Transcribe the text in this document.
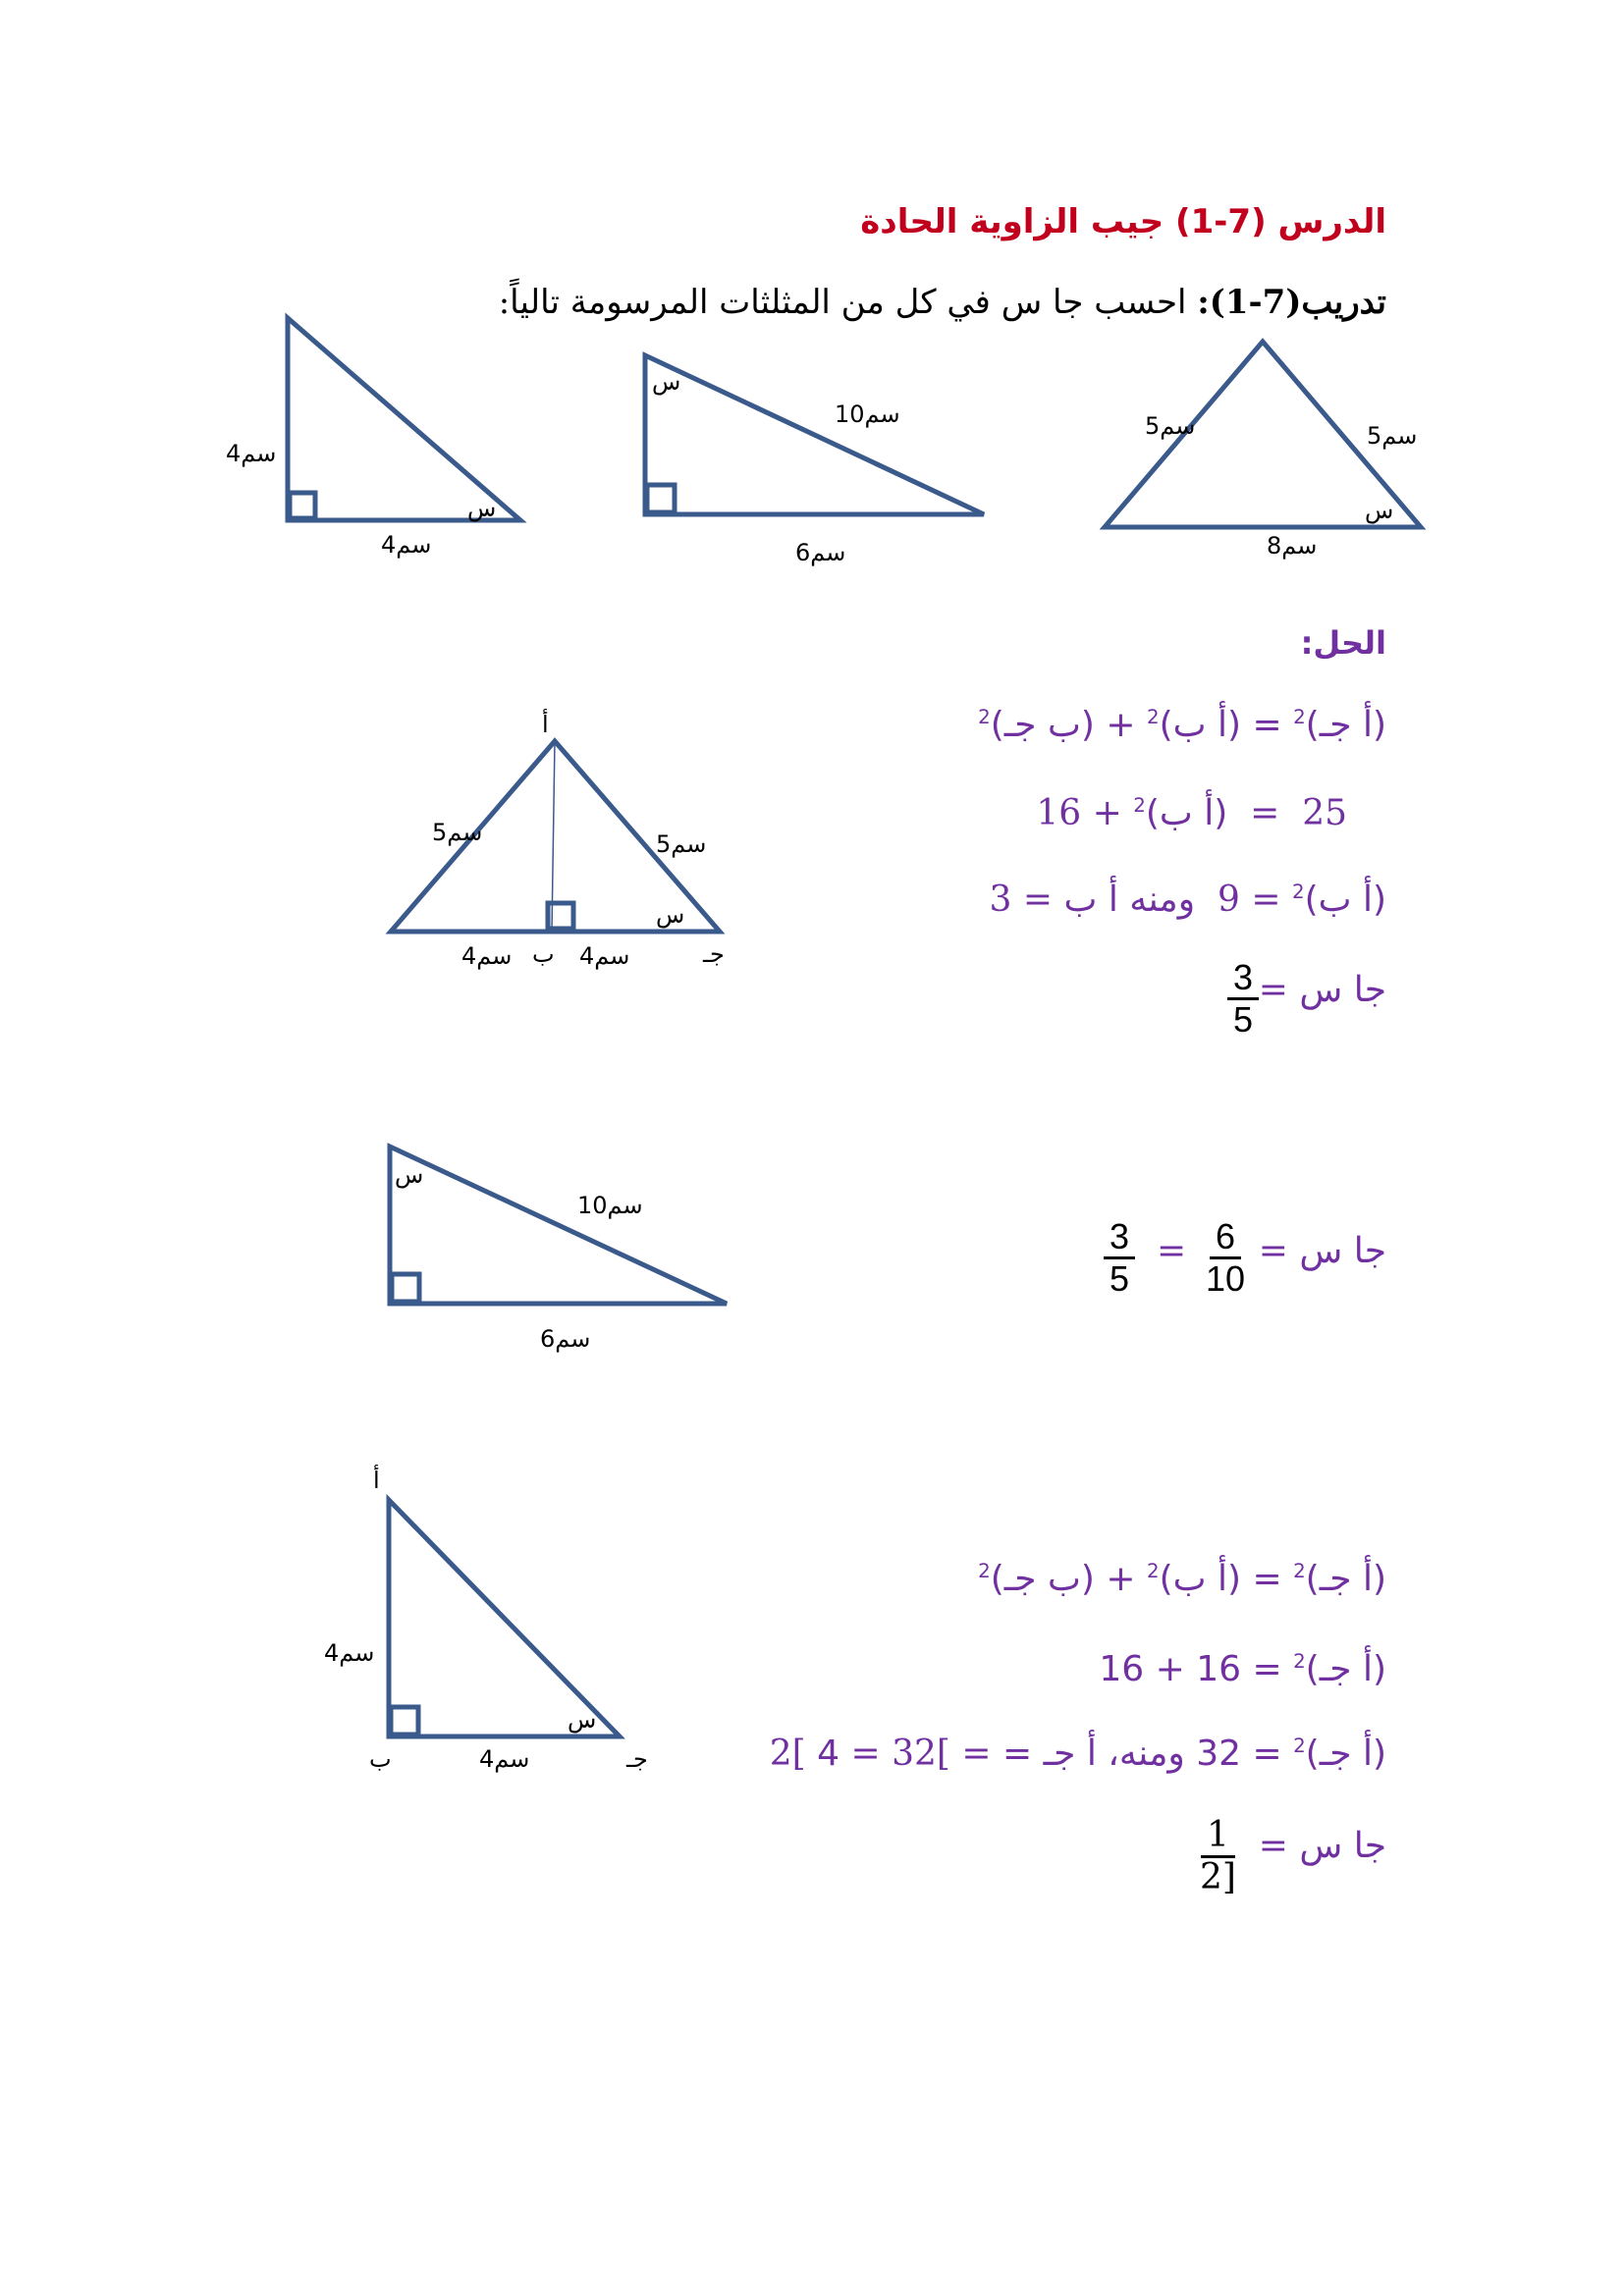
الدرس (7-1) جيب الزاوية الحادة
تدريب(7-1): احسب جا س في كل من المثلثات المرسومة تالياً:
الحل:
5سم	5سم
س
8سم
س
10سم
6سم
4سم
س
4سم
أ
5سم	5سم
س
4سم ب 4سم	جـ
س
10سم
6سم
أ
4سم
س
ب	4سم	جـ
(أ جـ)$^2$ = (أ ب)$^2$ + (ب جـ)$^2$
25  =  (أ ب)$^2$ + 16
(أ ب)$^2$ = 9  ومنه أ ب = 3
جا س =
$\frac{3}{5}$
جا س =
$\frac{6}{10}$
=
$\frac{3}{5}$
(أ جـ)$^2$ = (أ ب)$^2$ + (ب جـ)$^2$
(أ جـ)$^2$ = 16 + 16
(أ جـ)$^2$ = 32 ومنه، أ جـ = = ]32 = 4 ]2
جا س =
$\frac{1}{2]}$
